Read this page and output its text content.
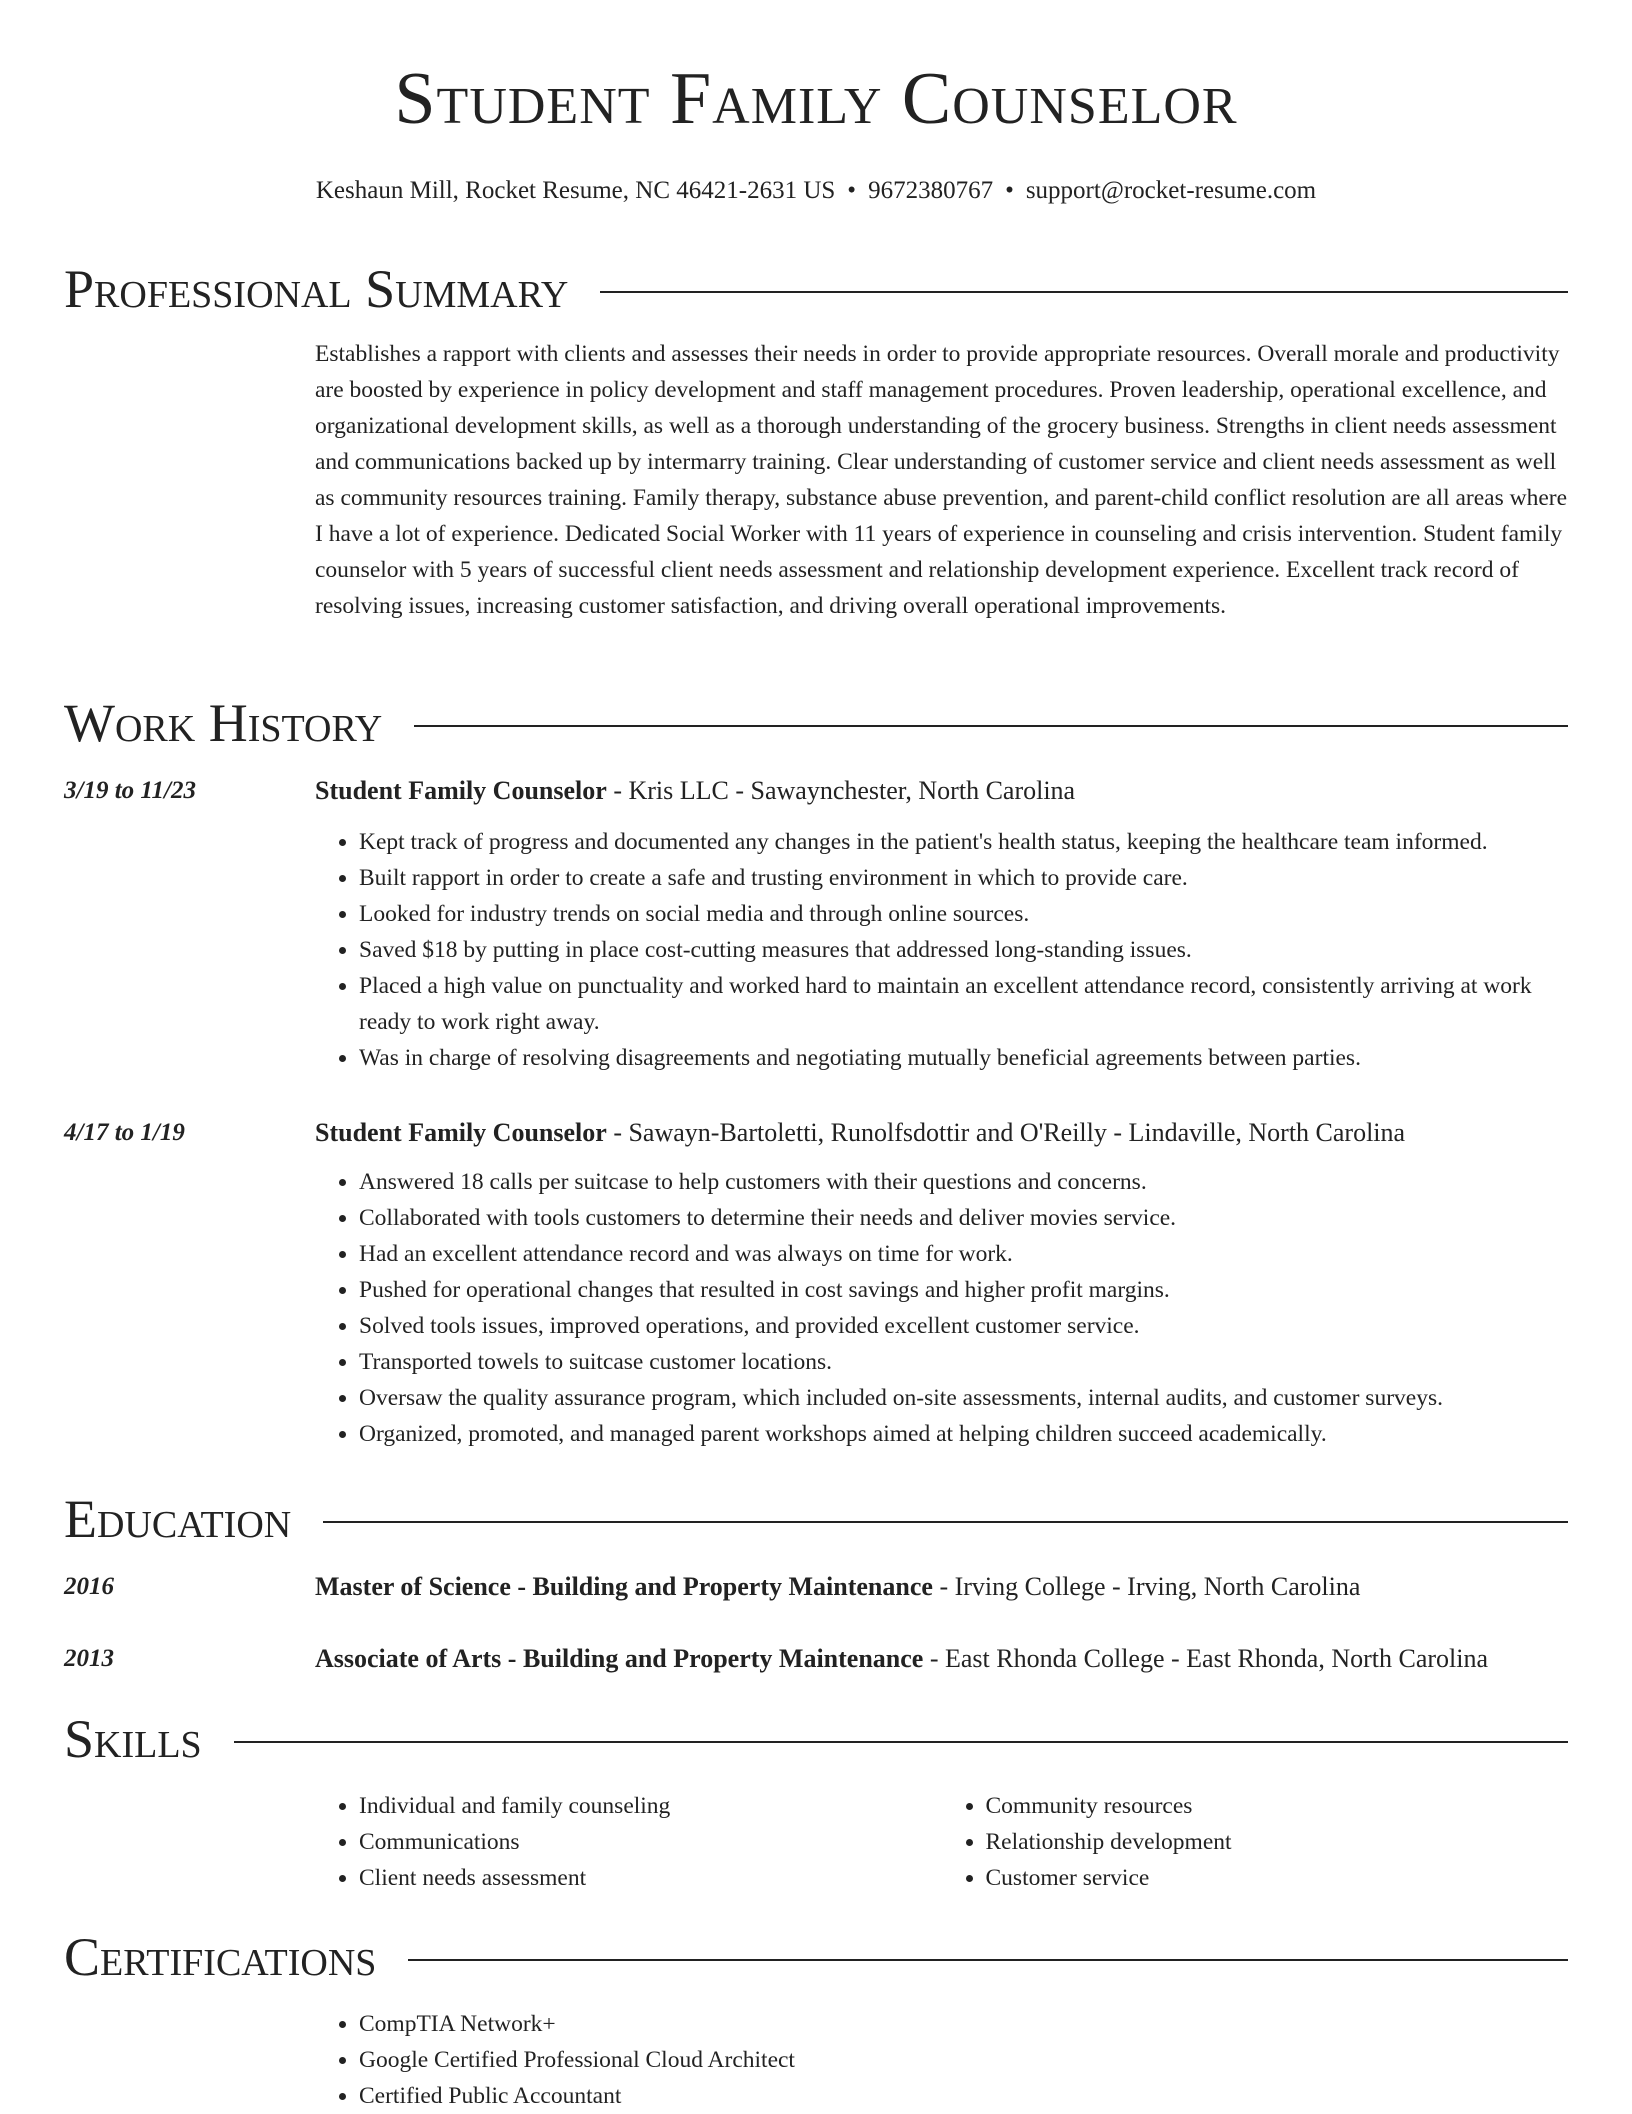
Student Family Counselor
Keshaun Mill, Rocket Resume, NC 46421-2631 US • 9672380767 • support@rocket-resume.com
Professional Summary
Establishes a rapport with clients and assesses their needs in order to provide appropriate resources. Overall morale and productivity are boosted by experience in policy development and staff management procedures. Proven leadership, operational excellence, and organizational development skills, as well as a thorough understanding of the grocery business. Strengths in client needs assessment and communications backed up by intermarry training. Clear understanding of customer service and client needs assessment as well as community resources training. Family therapy, substance abuse prevention, and parent-child conflict resolution are all areas where I have a lot of experience. Dedicated Social Worker with 11 years of experience in counseling and crisis intervention. Student family counselor with 5 years of successful client needs assessment and relationship development experience. Excellent track record of resolving issues, increasing customer satisfaction, and driving overall operational improvements.
Work History
3/19 to 11/23	Student Family Counselor - Kris LLC - Sawaynchester, North Carolina
• Kept track of progress and documented any changes in the patient's health status, keeping the healthcare team informed.
• Built rapport in order to create a safe and trusting environment in which to provide care.
• Looked for industry trends on social media and through online sources.
• Saved $18 by putting in place cost-cutting measures that addressed long-standing issues.
• Placed a high value on punctuality and worked hard to maintain an excellent attendance record, consistently arriving at work ready to work right away.
• Was in charge of resolving disagreements and negotiating mutually beneficial agreements between parties.
4/17 to 1/19	Student Family Counselor - Sawayn-Bartoletti, Runolfsdottir and O'Reilly - Lindaville, North Carolina
• Answered 18 calls per suitcase to help customers with their questions and concerns.
• Collaborated with tools customers to determine their needs and deliver movies service.
• Had an excellent attendance record and was always on time for work.
• Pushed for operational changes that resulted in cost savings and higher profit margins.
• Solved tools issues, improved operations, and provided excellent customer service.
• Transported towels to suitcase customer locations.
• Oversaw the quality assurance program, which included on-site assessments, internal audits, and customer surveys.
• Organized, promoted, and managed parent workshops aimed at helping children succeed academically.
Education
2016	Master of Science - Building and Property Maintenance - Irving College - Irving, North Carolina
2013	Associate of Arts - Building and Property Maintenance - East Rhonda College - East Rhonda, North Carolina
Skills
• Individual and family counseling
• Communications
• Client needs assessment
• Community resources
• Relationship development
• Customer service
Certifications
• CompTIA Network+
• Google Certified Professional Cloud Architect
• Certified Public Accountant
